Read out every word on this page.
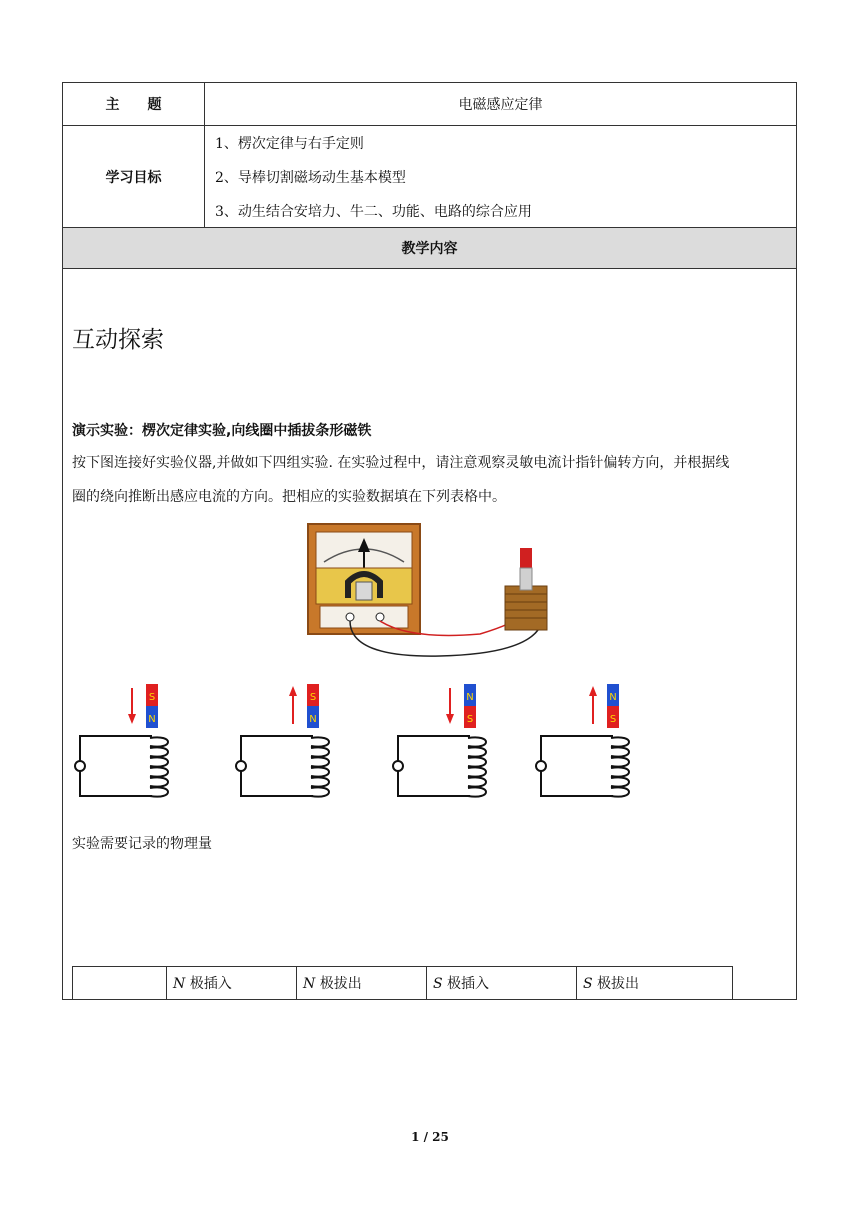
主　　题	电磁感应定律
学习目标
1、楞次定律与右手定则
2、导棒切割磁场动生基本模型
3、动生结合安培力、牛二、功能、电路的综合应用
教学内容
互动探索
演示实验：楞次定律实验,向线圈中插拔条形磁铁
按下图连接好实验仪器,并做如下四组实验. 在实验过程中，请注意观察灵敏电流计指针偏转方向，并根据线
圈的绕向推断出感应电流的方向。把相应的实验数据填在下列表格中。
S
N
S
N
N
S
N
S
实验需要记录的物理量
	N 极插入	N 极拔出	S 极插入	S 极拔出
1 / 25
